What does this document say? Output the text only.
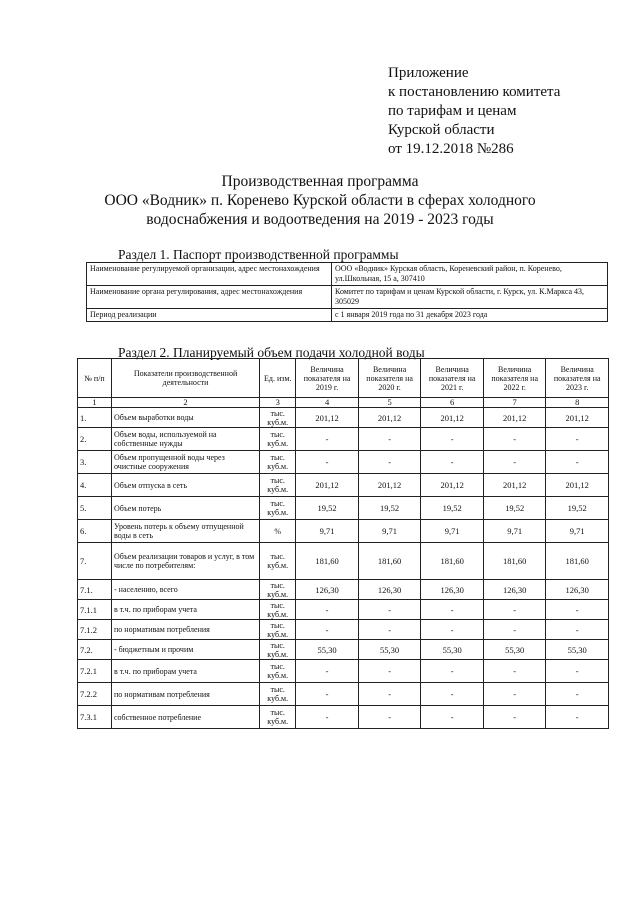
Приложение
к постановлению комитета
по тарифам и ценам
Курской области
от 19.12.2018 №286
Производственная программа
ООО «Водник» п. Коренево Курской области в сферах холодного
водоснабжения и водоотведения на 2019 - 2023 годы
Раздел 1. Паспорт производственной программы
Наименование регулируемой организации, адрес местонахождения	ООО «Водник» Курская область, Кореневский район, п. Коренево, ул.Школьная, 15 а, 307410
Наименование органа регулирования, адрес местонахождения	Комитет по тарифам и ценам Курской области, г. Курск, ул. К.Маркса 43, 305029
Период реализации	с 1 января 2019 года по 31 декабря 2023 года
Раздел 2. Планируемый объем подачи холодной воды
№ п/п	Показатели производственной деятельности	Ед. изм.	Величина показателя на 2019 г.	Величина показателя на 2020 г.	Величина показателя на 2021 г.	Величина показателя на 2022 г.	Величина показателя на 2023 г.
1	2	3	4	5	6	7	8
1.	Объем выработки воды	тыс. куб.м.	201,12	201,12	201,12	201,12	201,12
2.	Объем воды, используемой на собственные нужды	тыс. куб.м.	-	-	-	-	-
3.	Объем пропущенной воды через очистные сооружения	тыс. куб.м.	-	-	-	-	-
4.	Объем отпуска в сеть	тыс. куб.м.	201,12	201,12	201,12	201,12	201,12
5.	Объем потерь	тыс. куб.м.	19,52	19,52	19,52	19,52	19,52
6.	Уровень потерь к объему отпущенной воды в сеть	%	9,71	9,71	9,71	9,71	9,71
7.	Объем реализации товаров и услуг, в том числе по потребителям:	тыс. куб.м.	181,60	181,60	181,60	181,60	181,60
7.1.	- населению, всего	тыс. куб.м.	126,30	126,30	126,30	126,30	126,30
7.1.1	в т.ч. по приборам учета	тыс. куб.м.	-	-	-	-	-
7.1.2	по нормативам потребления	тыс. куб.м.	-	-	-	-	-
7.2.	- бюджетным и прочим	тыс. куб.м.	55,30	55,30	55,30	55,30	55,30
7.2.1	в т.ч. по приборам учета	тыс. куб.м.	-	-	-	-	-
7.2.2	по нормативам потребления	тыс. куб.м.	-	-	-	-	-
7.3.1	собственное потребление	тыс. куб.м.	-	-	-	-	-
